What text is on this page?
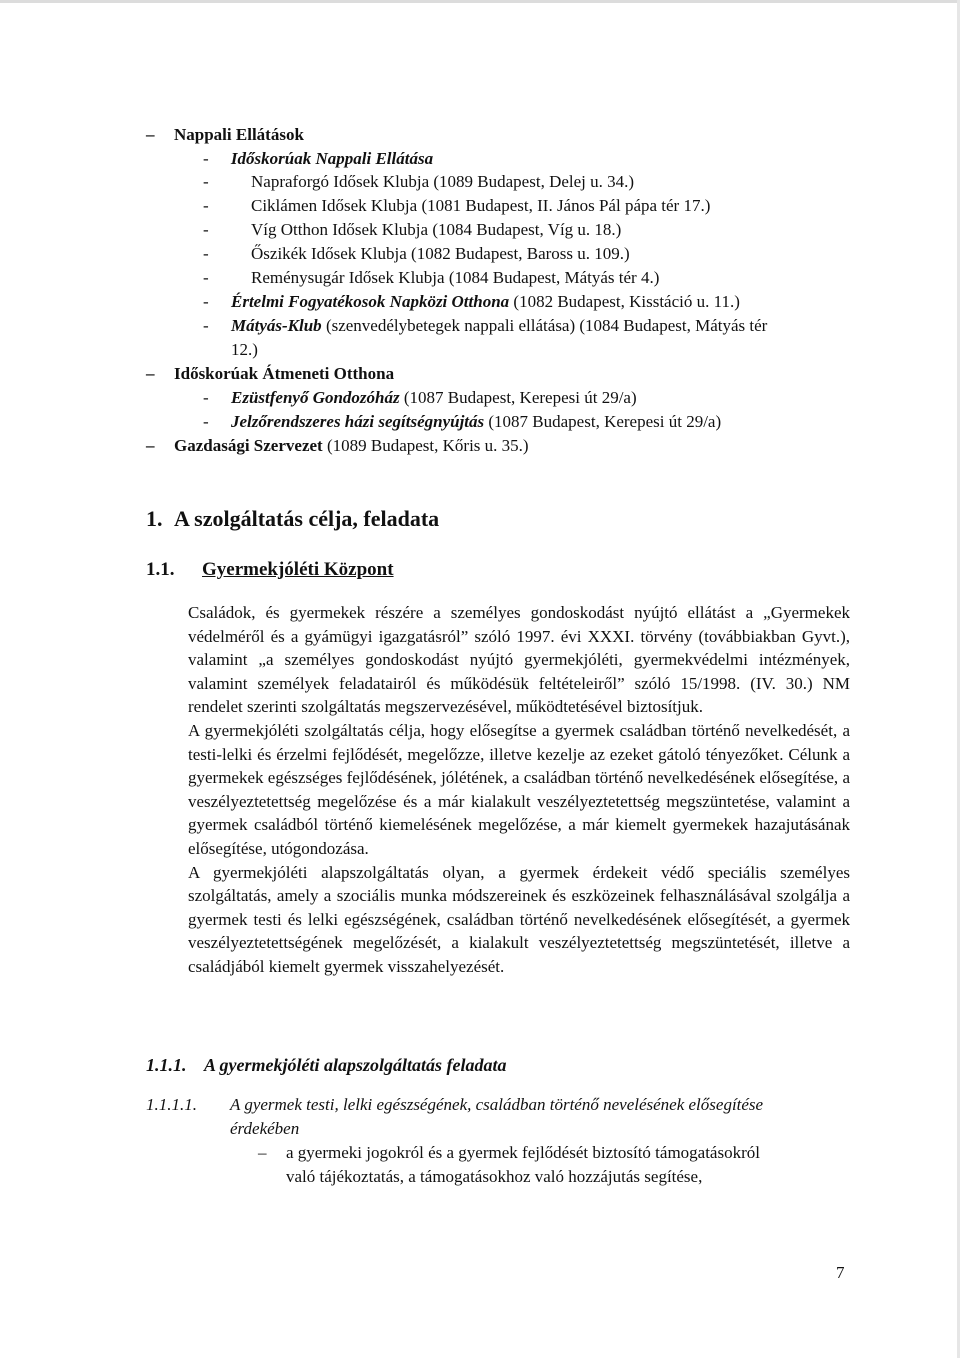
– Nappali Ellátások
- Időskorúak Nappali Ellátása
- Napraforgó Idősek Klubja (1089 Budapest, Delej u. 34.)
- Ciklámen Idősek Klubja (1081 Budapest, II. János Pál pápa tér 17.)
- Víg Otthon Idősek Klubja (1084 Budapest, Víg u. 18.)
- Őszikék Idősek Klubja (1082 Budapest, Baross u. 109.)
- Reménysugár Idősek Klubja (1084 Budapest, Mátyás tér 4.)
- Értelmi Fogyatékosok Napközi Otthona (1082 Budapest, Kisstáció u. 11.)
- Mátyás-Klub (szenvedélybetegek nappali ellátása) (1084 Budapest, Mátyás tér
12.)
– Időskorúak Átmeneti Otthona
- Ezüstfenyő Gondozóház (1087 Budapest, Kerepesi út 29/a)
- Jelzőrendszeres házi segítségnyújtás (1087 Budapest, Kerepesi út 29/a)
– Gazdasági Szervezet (1089 Budapest, Kőris u. 35.)
1. A szolgáltatás célja, feladata
1.1. Gyermekjóléti Központ

Családok, és gyermekek részére a személyes gondoskodást nyújtó ellátást a „Gyermekek védelméről és a gyámügyi igazgatásról” szóló 1997. évi XXXI. törvény (továbbiakban Gyvt.), valamint „a személyes gondoskodást nyújtó gyermekjóléti, gyermekvédelmi intézmények, valamint személyek feladatairól és működésük feltételeiről” szóló 15/1998. (IV. 30.) NM rendelet szerinti szolgáltatás megszervezésével, működtetésével biztosítjuk.

A gyermekjóléti szolgáltatás célja, hogy elősegítse a gyermek családban történő nevelkedését, a testi-lelki és érzelmi fejlődését, megelőzze, illetve kezelje az ezeket gátoló tényezőket. Célunk a gyermekek egészséges fejlődésének, jólétének, a családban történő nevelkedésének elősegítése, a veszélyeztetettség megelőzése és a már kialakult veszélyeztetettség megszüntetése, valamint a gyermek családból történő kiemelésének megelőzése, a már kiemelt gyermekek hazajutásának elősegítése, utógondozása.

A gyermekjóléti alapszolgáltatás olyan, a gyermek érdekeit védő speciális személyes szolgáltatás, amely a szociális munka módszereinek és eszközeinek felhasználásával szolgálja a gyermek testi és lelki egészségének, családban történő nevelkedésének elősegítését, a gyermek veszélyeztetettségének megelőzését, a kialakult veszélyeztetettség megszüntetését, illetve a családjából kiemelt gyermek visszahelyezését.

1.1.1. A gyermekjóléti alapszolgáltatás feladata
1.1.1.1. A gyermek testi, lelki egészségének, családban történő nevelésének elősegítése
érdekében
– a gyermeki jogokról és a gyermek fejlődését biztosító támogatásokról
való tájékoztatás, a támogatásokhoz való hozzájutás segítése,
7
